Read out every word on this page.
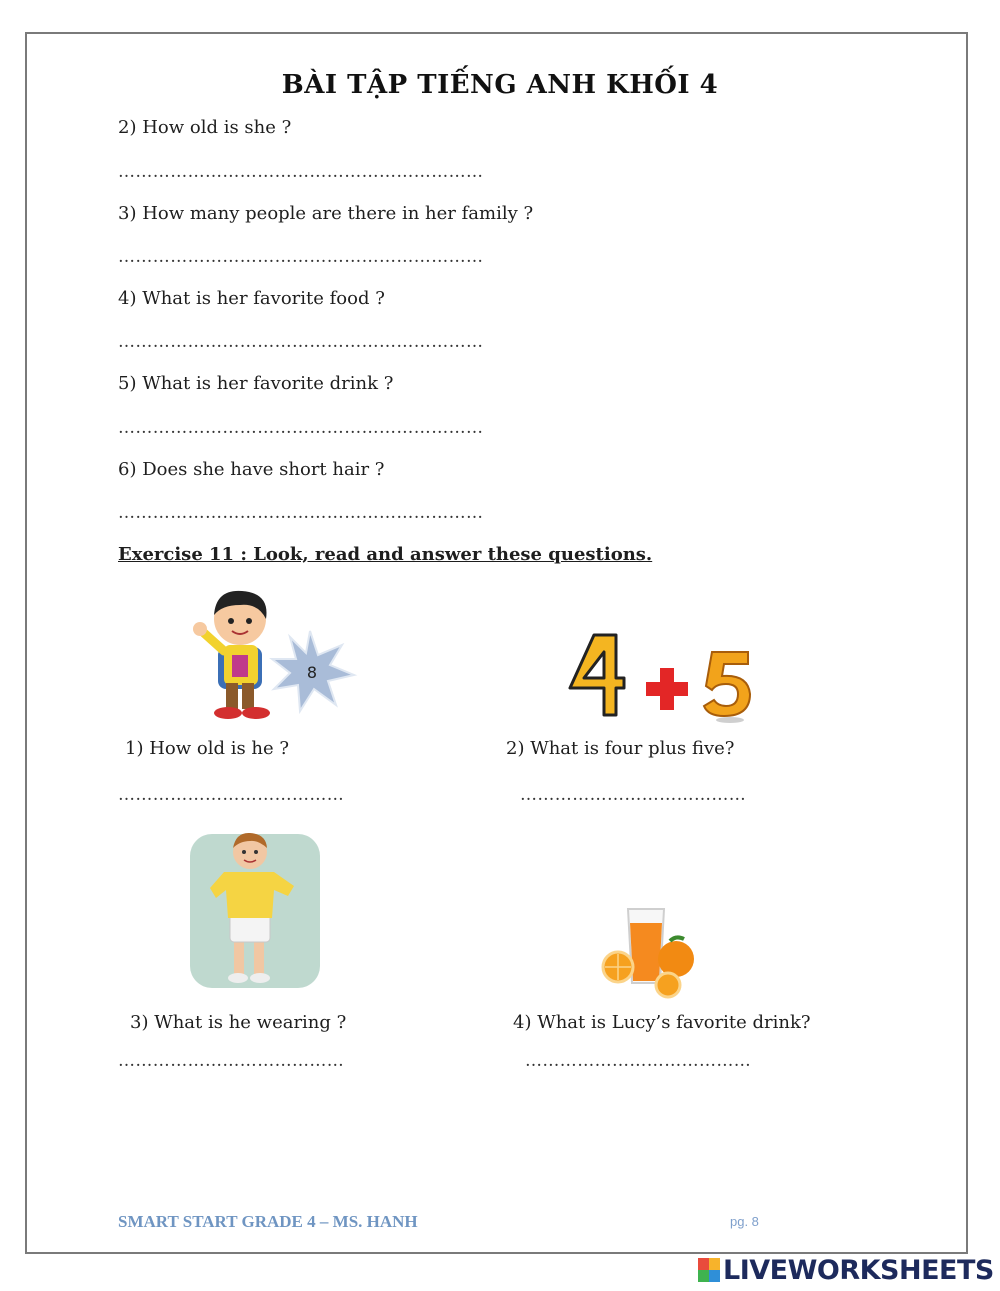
BÀI TẬP TIẾNG ANH KHỐI 4
2) How old is she ?
………………………………………………………
3) How many people are there in her family ?
………………………………………………………
4) What is her favorite food ?
………………………………………………………
5) What is her favorite drink ?
………………………………………………………
6) Does she have short hair ?
………………………………………………………
Exercise 11 : Look, read and answer these questions.
8
1) How old is he ?	2) What is four plus five?
…………………………………	…………………………………
3) What is he wearing ?	4) What is Lucy’s favorite drink?
…………………………………	…………………………………
SMART START GRADE 4 – MS. HANH	pg. 8
LIVEWORKSHEETS
